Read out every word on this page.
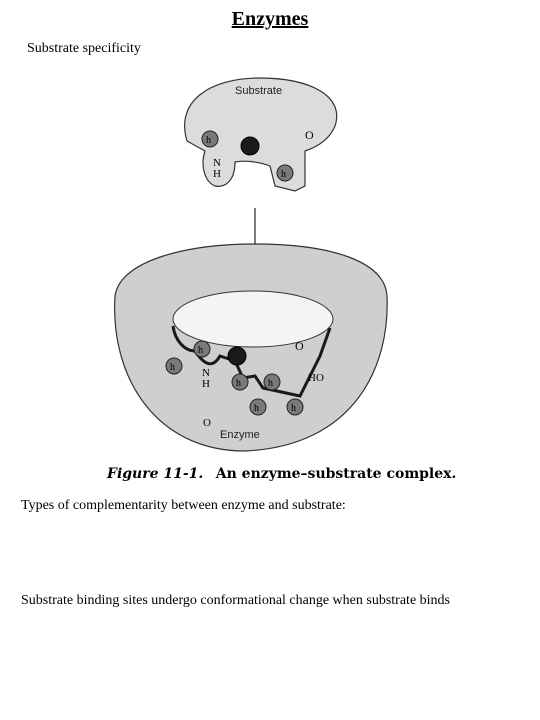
Enzymes
Substrate specificity
Substrate
h	O
N
H	h
h
h
h	h
h	h
O
N
H	HO
O
Enzyme
Figure 11-1. An enzyme–substrate complex.
Types of complementarity between enzyme and substrate:
Substrate binding sites undergo conformational change when substrate binds
